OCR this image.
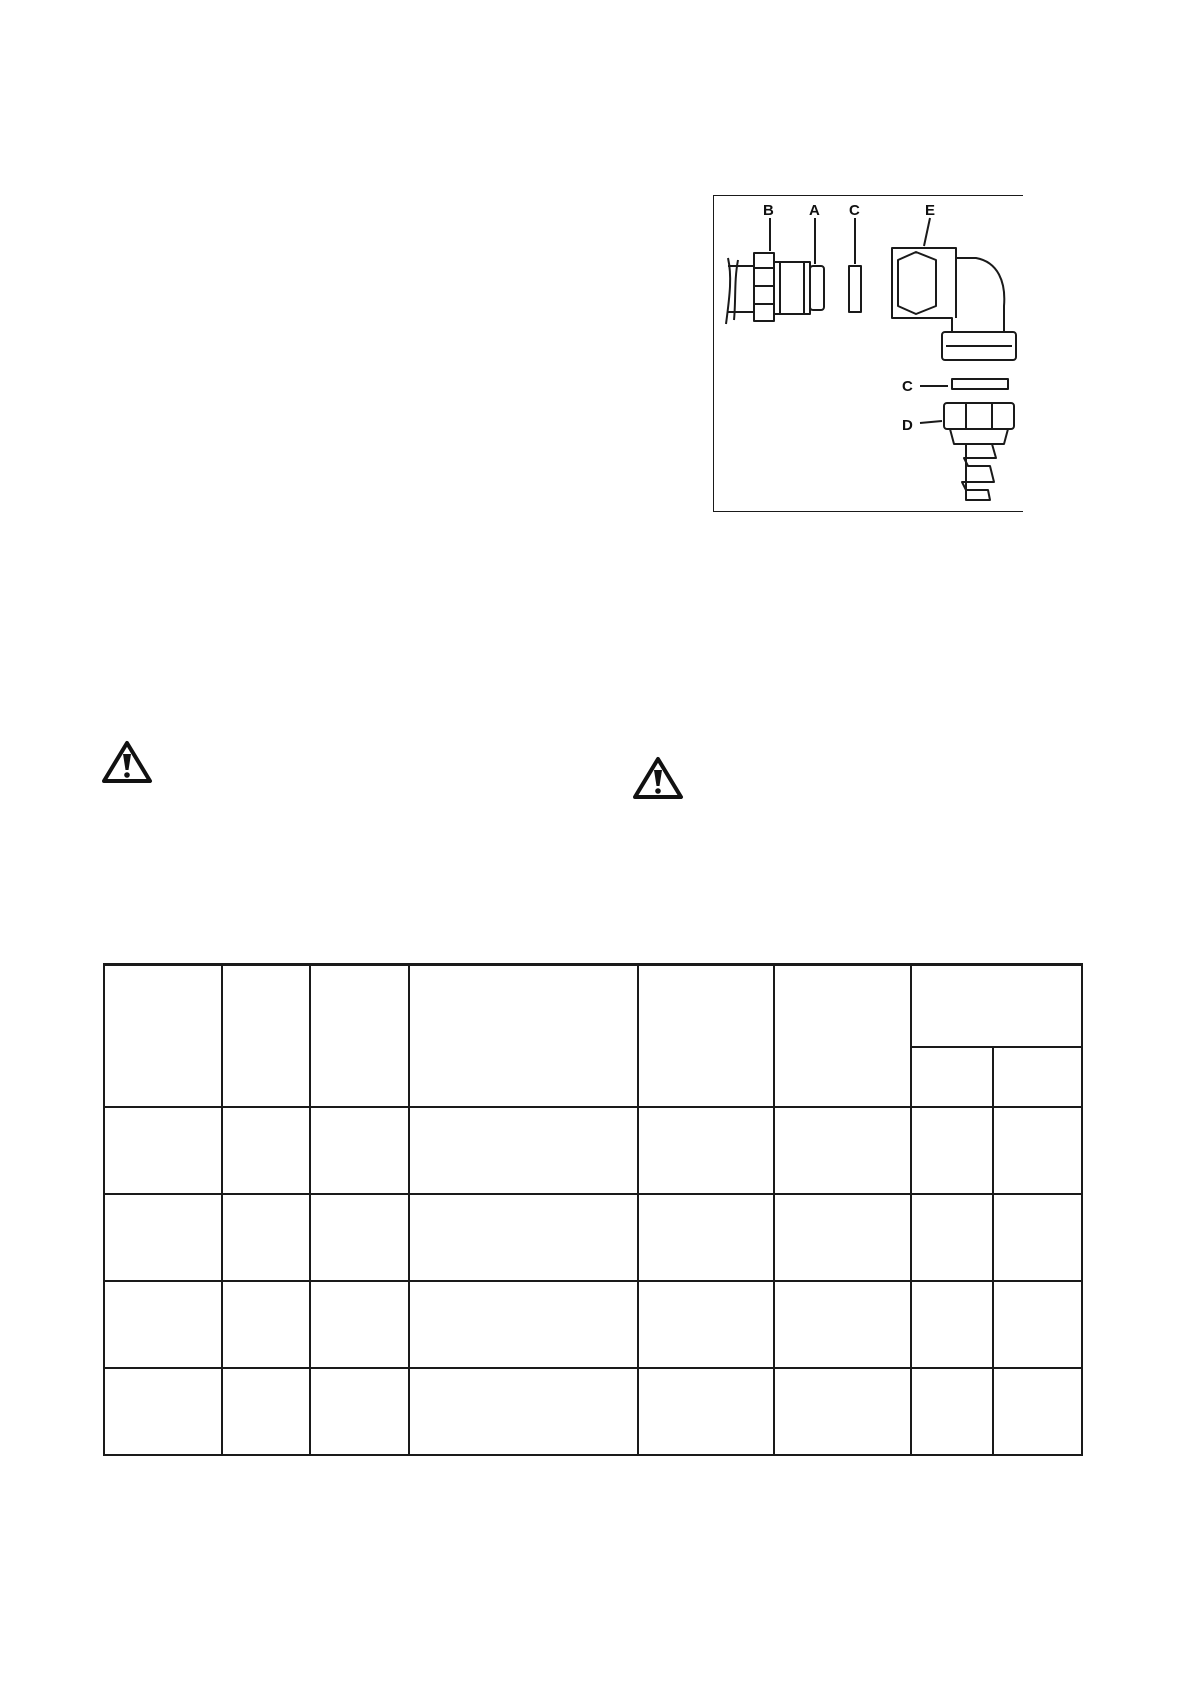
B A C	E
C
D
